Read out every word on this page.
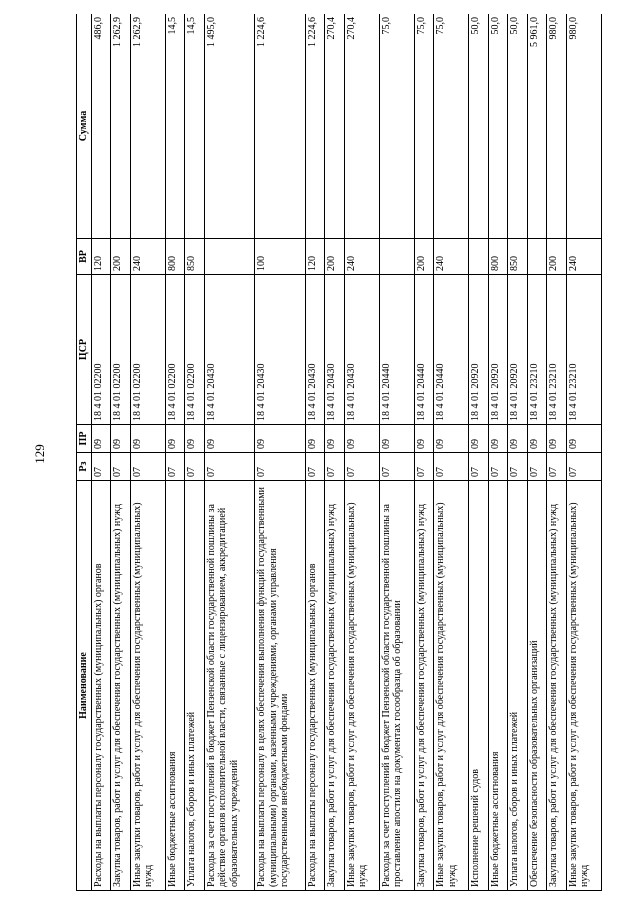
129
Наименование	Рз	ПР	ЦСР	ВР	Сумма
Расходы на выплаты персоналу государственных (муниципальных) органов	07	09	18 4 01 02200	120	486,0
Закупка товаров, работ и услуг для обеспечения государственных (муниципальных) нужд	07	09	18 4 01 02200	200	1 262,9
Иные закупки товаров, работ и услуг для обеспечения государственных (муниципальных) нужд	07	09	18 4 01 02200	240	1 262,9
Иные бюджетные ассигнования	07	09	18 4 01 02200	800	14,5
Уплата налогов, сборов и иных платежей	07	09	18 4 01 02200	850	14,5
Расходы за счет поступлений в бюджет Пензенской области государственной пошлины за действие органов исполнительной власти, связанные с лицензированием, аккредитацией образовательных учреждений	07	09	18 4 01 20430		1 495,0
Расходы на выплаты персоналу в целях обеспечения выполнения функций государственными (муниципальными) органами, казенными учреждениями, органами управления государственными внебюджетными фондами	07	09	18 4 01 20430	100	1 224,6
Расходы на выплаты персоналу государственных (муниципальных) органов	07	09	18 4 01 20430	120	1 224,6
Закупка товаров, работ и услуг для обеспечения государственных (муниципальных) нужд	07	09	18 4 01 20430	200	270,4
Иные закупки товаров, работ и услуг для обеспечения государственных (муниципальных) нужд	07	09	18 4 01 20430	240	270,4
Расходы за счет поступлений в бюджет Пензенской области государственной пошлины за проставление апостиля на документах госообразца об образовании	07	09	18 4 01 20440		75,0
Закупка товаров, работ и услуг для обеспечения государственных (муниципальных) нужд	07	09	18 4 01 20440	200	75,0
Иные закупки товаров, работ и услуг для обеспечения государственных (муниципальных) нужд	07	09	18 4 01 20440	240	75,0
Исполнение решений судов	07	09	18 4 01 20920		50,0
Иные бюджетные ассигнования	07	09	18 4 01 20920	800	50,0
Уплата налогов, сборов и иных платежей	07	09	18 4 01 20920	850	50,0
Обеспечение безопасности образовательных организаций	07	09	18 4 01 23210		5 961,0
Закупка товаров, работ и услуг для обеспечения государственных (муниципальных) нужд	07	09	18 4 01 23210	200	980,0
Иные закупки товаров, работ и услуг для обеспечения государственных (муниципальных) нужд	07	09	18 4 01 23210	240	980,0
